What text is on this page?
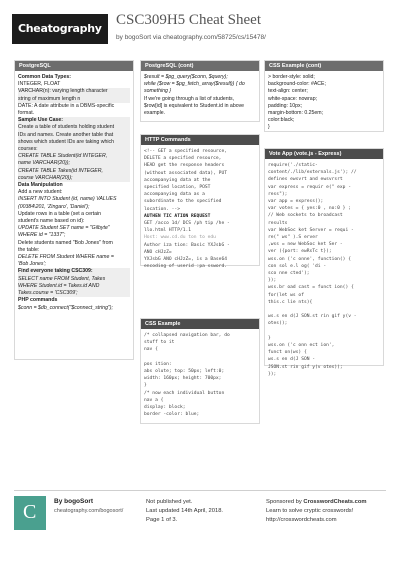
Cheatography
CSC309H5 Cheat Sheet
by bogoSort via cheatography.com/58725/cs/15478/
PostgreSQL
Common Data Types:
INTEGER, FLOAT
VARCHAR(n): varying length character
string of maximum length n
DATE: A date attribute in a DBMS-specific
format.
Sample Use Case:
Create a table of students holding student
IDs and names. Create another table that
shows which student IDs are taking which
courses:
CREATE TABLE Student(id INTEGER,
name VARCHAR(20));
CREATE TABLE Takes(id INTEGER,
course VARCHAR(20));
Data Manipulation
Add a new student:
INSERT INTO Student (id, name) VALUES
(00384\201, 'Zingaro', 'Daniel');
Update rows in a table (set a certain
student's name based on id):
UPDATE Student SET name = "Gilbyte"
WHERE id = "1337";
Delete students named "Bob Jones" from
the table:
DELETE FROM Student WHERE name =
'Bob Jones';
Find everyone taking CSC309:
SELECT name FROM Student, Takes
WHERE Student.id = Takes.id AND
Takes.course = 'CSC309';
PHP commands
$conn = $db_connect("$connect_string");
PostgreSQL (cont)
$result = $pg_query($conn, $query);
while ($row = $pg_fetch_array($result)) { do
something }
If we're going through a list of students,
$row[id] is equivalent to Student.id in above
example.
HTTP Commands
<!-- GET a specified resource,
DELETE a specified resource,
HEAD get the response headers
(without associated data), PUT
accompanying data at the
specified location, POST
accompanying data as a
subordinate to the specified
location. -->
AUTHEN TIC ATION REQUEST
GET /acco 1d/ DCS /ph tip /he -
llo.html HTTP/1.1
Host: www.cd.du ton to edu
Author iza tion: Basic YXJsbG -
ANO cHJzZ=
YXJsbG ANO cHJzZ=, is a Base64
encoding of userid :pa ssword.
CSS Example
/* collapsed navigation bar, do
stuff to it
nav {

pos ition:
abs olute; top: 50px; left:0;
width: 160px; height: 700px;
}
/* now each individual button
nav a {
display: block;
border -color: blue;
CSS Example (cont)
> border-style: solid;
background-color: #ACE;
text-align: center;
white-space: nowrap;
padding: 10px;
margin-bottom: 0.25em;
color:black;
}
Vote App (vote.js - Express)
require('./static-
content/./lib/externals.js'); //
defines ewsvrt and ewsvrsrt
var express = requir e(" exp -
ress");
var app = express();
var votes = { yes:0 , no:0 } ;
// Web sockets to broadcast
results
var WebSoc ket Server = requi -
re(" ws" ).S erver
,wss = new WebSoc ket Ser -
ver ({port: ewRsTc t});
wss.on ('c onne', function() {
con sol e.l og( 'di -
sco nne cted');
});
wss.br oad cast = funct ion() {
for(let ws of
this.c lie nts){

ws.s en d(J SON.st rin gif y(v -
otes));

}
wss.on ('c onn ect ion',
funct on(ws) {
ws.s en d(J SON -
JSON.st rin gif y(v otes));
});
C	By bogoSort
cheatography.com/bogosort/
Not published yet.
Last updated 14th April, 2018.
Page 1 of 3.
Sponsored by CrosswordCheats.com
Learn to solve cryptic crosswords!
http://crosswordcheats.com
